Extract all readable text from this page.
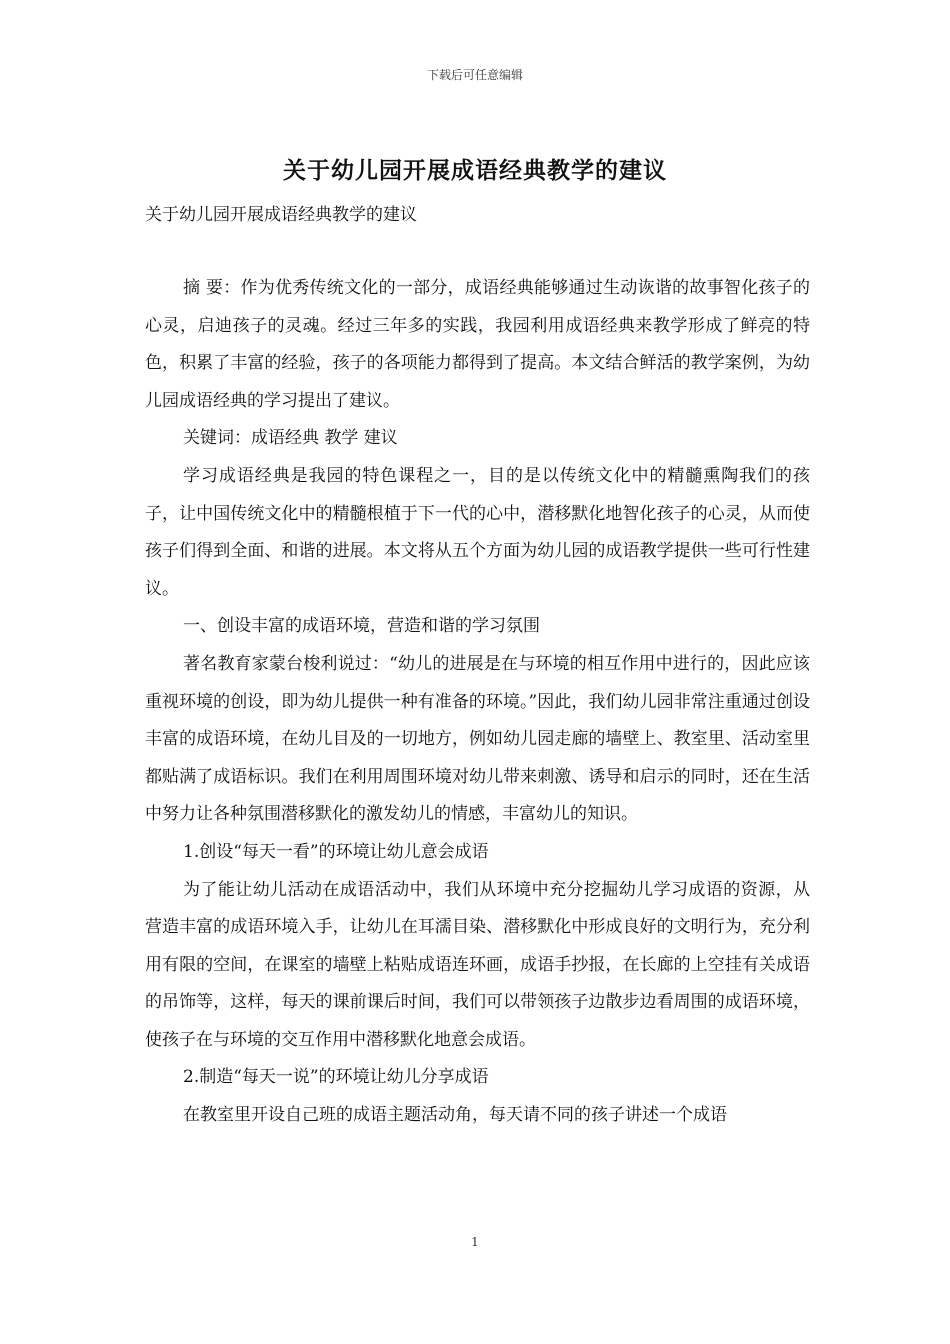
下载后可任意编辑
关于幼儿园开展成语经典教学的建议
关于幼儿园开展成语经典教学的建议

摘 要：作为优秀传统文化的一部分，成语经典能够通过生动诙谐的故事智化孩子的心灵，启迪孩子的灵魂。经过三年多的实践，我园利用成语经典来教学形成了鲜亮的特色，积累了丰富的经验，孩子的各项能力都得到了提高。本文结合鲜活的教学案例，为幼儿园成语经典的学习提出了建议。

关键词：成语经典 教学 建议

学习成语经典是我园的特色课程之一，目的是以传统文化中的精髓熏陶我们的孩子，让中国传统文化中的精髓根植于下一代的心中，潜移默化地智化孩子的心灵，从而使孩子们得到全面、和谐的进展。本文将从五个方面为幼儿园的成语教学提供一些可行性建议。

一、创设丰富的成语环境，营造和谐的学习氛围

著名教育家蒙台梭利说过：“幼儿的进展是在与环境的相互作用中进行的，因此应该重视环境的创设，即为幼儿提供一种有准备的环境。”因此，我们幼儿园非常注重通过创设丰富的成语环境，在幼儿目及的一切地方，例如幼儿园走廊的墙壁上、教室里、活动室里都贴满了成语标识。我们在利用周围环境对幼儿带来刺激、诱导和启示的同时，还在生活中努力让各种氛围潜移默化的激发幼儿的情感，丰富幼儿的知识。

1.创设“每天一看”的环境让幼儿意会成语

为了能让幼儿活动在成语活动中，我们从环境中充分挖掘幼儿学习成语的资源，从营造丰富的成语环境入手，让幼儿在耳濡目染、潜移默化中形成良好的文明行为，充分利用有限的空间，在课室的墙壁上粘贴成语连环画，成语手抄报，在长廊的上空挂有关成语的吊饰等，这样，每天的课前课后时间，我们可以带领孩子边散步边看周围的成语环境，使孩子在与环境的交互作用中潜移默化地意会成语。

2.制造“每天一说”的环境让幼儿分享成语

在教室里开设自己班的成语主题活动角，每天请不同的孩子讲述一个成语

1
